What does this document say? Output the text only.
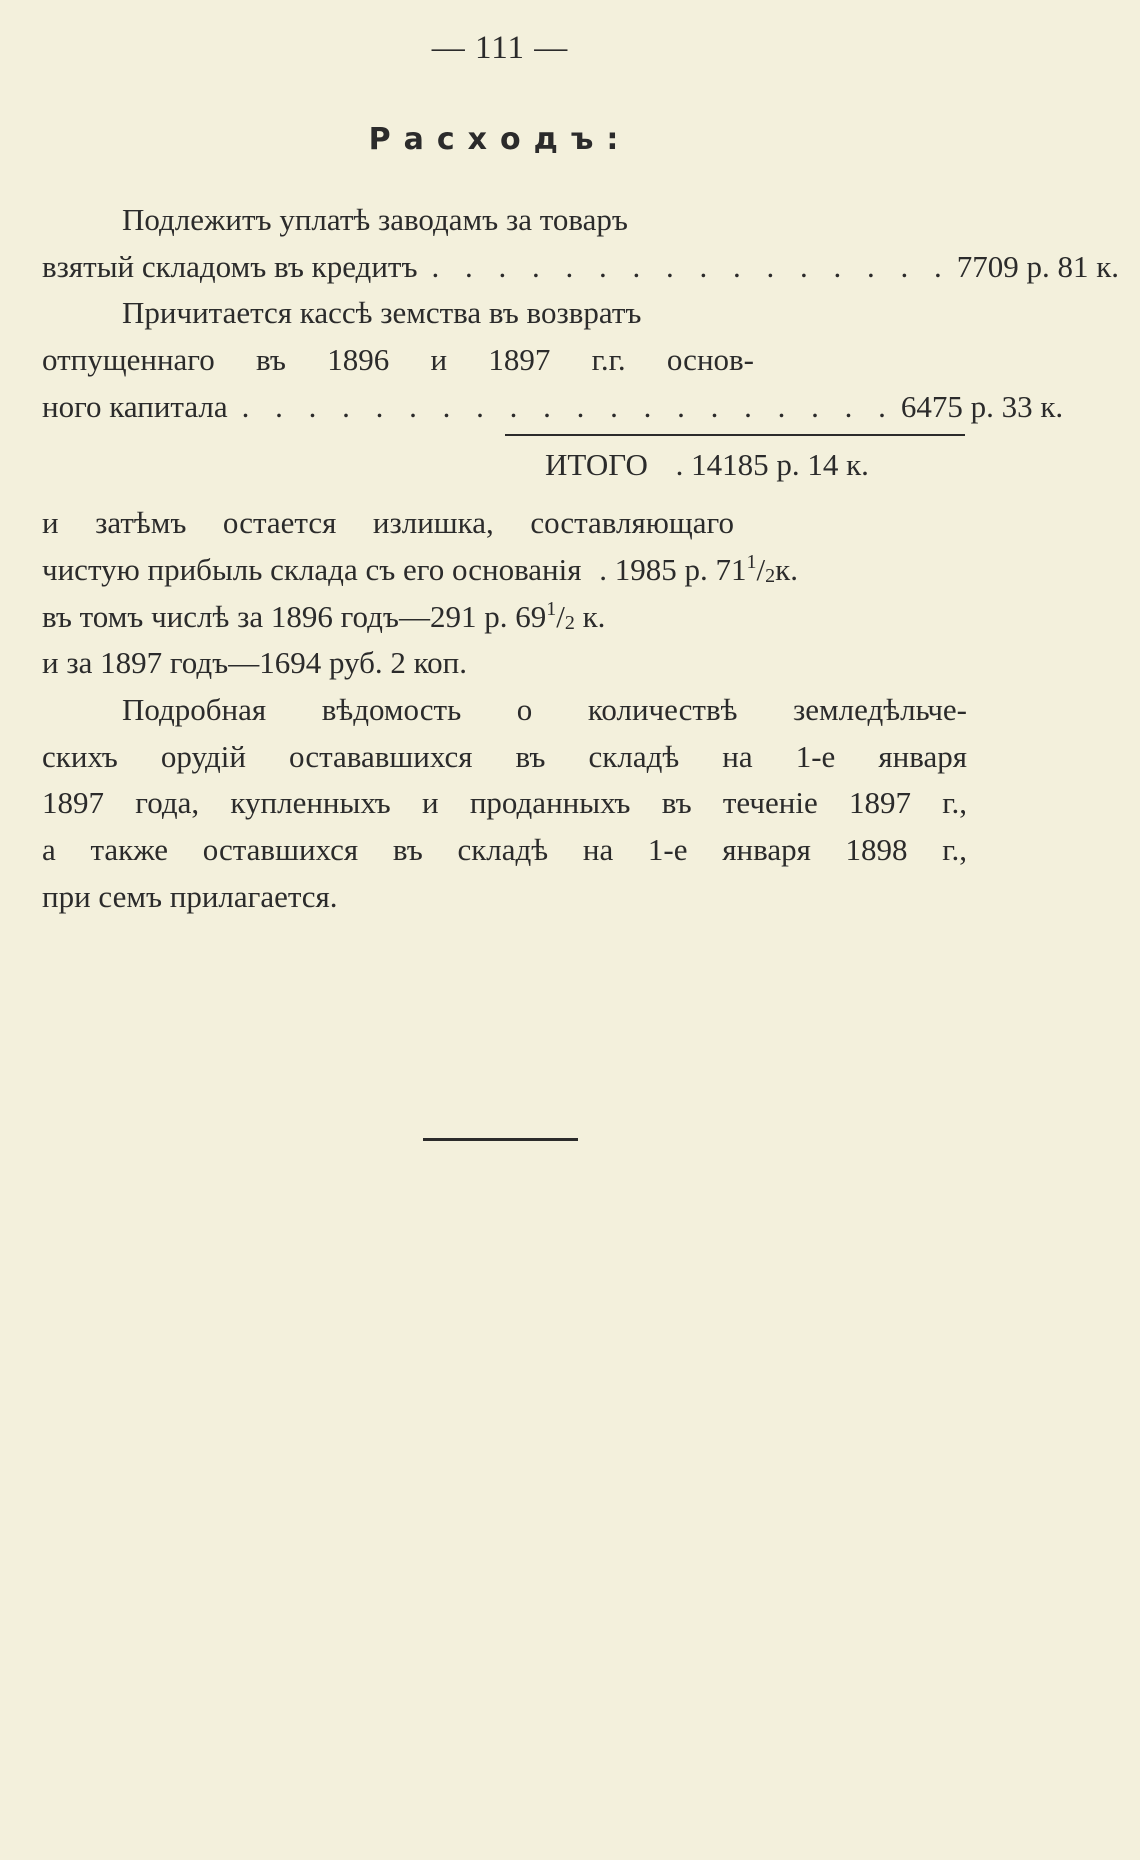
— 111 —
Расходъ:
Подлежитъ уплатѣ заводамъ за товаръ
взятый складомъ въ кредитъ . . . . . . . . . . . . . . . . 7709 р. 81 к.
Причитается кассѣ земства въ возвратъ
отпущеннаго въ 1896 и 1897 г.г. основ-
ного капитала . . . . . . . . . . . . . . . . . . . . 6475 р. 33 к.
ИТОГО . 14185 р. 14 к.
и затѣмъ остается излишка, составляющаго
чистую прибыль склада съ его основанія . 1985 р. $71^1/_2к$.
въ томъ числѣ за 1896 годъ—291 р. $69^1/_2$ к.
и за 1897 годъ—1694 руб. 2 коп.
Подробная вѣдомость о количествѣ земледѣльче-
скихъ орудій остававшихся въ складѣ на 1-е января
1897 года, купленныхъ и проданныхъ въ теченіе 1897 г.,
а также оставшихся въ складѣ на 1-е января 1898 г.,
при семъ прилагается.
